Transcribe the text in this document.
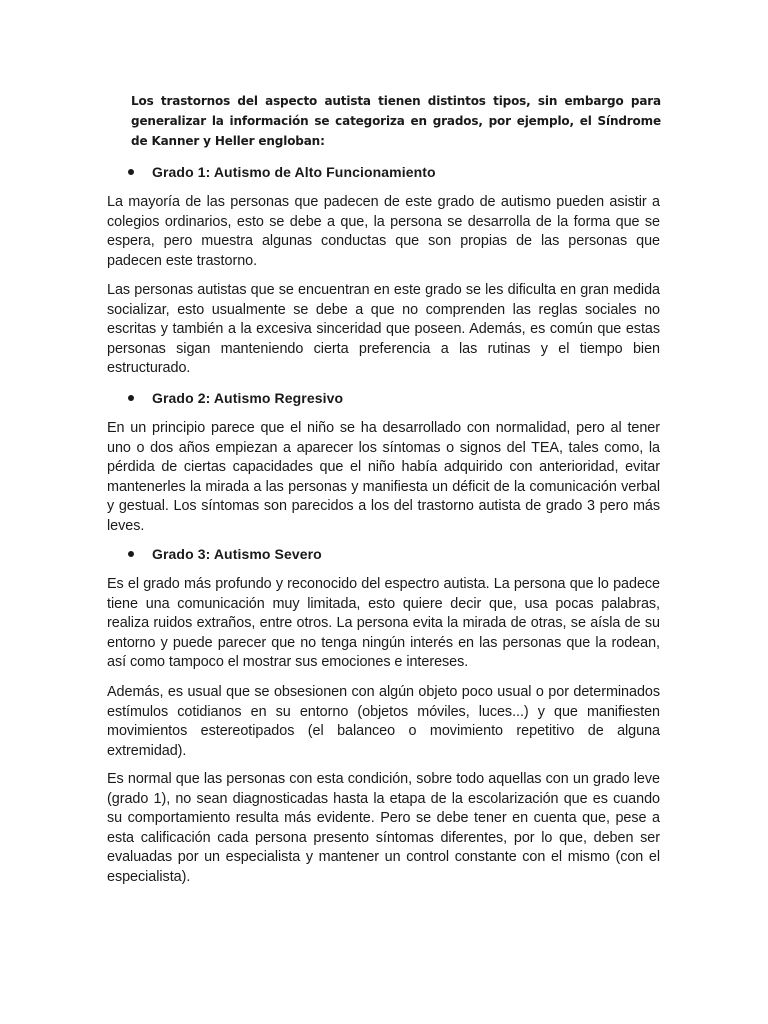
Los trastornos del aspecto autista tienen distintos tipos, sin embargo para generalizar la información se categoriza en grados, por ejemplo, el Síndrome de Kanner y Heller engloban:

Grado 1: Autismo de Alto Funcionamiento

La mayoría de las personas que padecen de este grado de autismo pueden asistir a colegios ordinarios, esto se debe a que, la persona se desarrolla de la forma que se espera, pero muestra algunas conductas que son propias de las personas que padecen este trastorno.

Las personas autistas que se encuentran en este grado se les dificulta en gran medida socializar, esto usualmente se debe a que no comprenden las reglas sociales no escritas y también a la excesiva sinceridad que poseen. Además, es común que estas personas sigan manteniendo cierta preferencia a las rutinas y el tiempo bien estructurado.

Grado 2: Autismo Regresivo

En un principio parece que el niño se ha desarrollado con normalidad, pero al tener uno o dos años empiezan a aparecer los síntomas o signos del TEA, tales como, la pérdida de ciertas capacidades que el niño había adquirido con anterioridad, evitar mantenerles la mirada a las personas y manifiesta un déficit de la comunicación verbal y gestual. Los síntomas son parecidos a los del trastorno autista de grado 3 pero más leves.

Grado 3: Autismo Severo

Es el grado más profundo y reconocido del espectro autista. La persona que lo padece tiene una comunicación muy limitada, esto quiere decir que, usa pocas palabras, realiza ruidos extraños, entre otros. La persona evita la mirada de otras, se aísla de su entorno y puede parecer que no tenga ningún interés en las personas que la rodean, así como tampoco el mostrar sus emociones e intereses.

Además, es usual que se obsesionen con algún objeto poco usual o por determinados estímulos cotidianos en su entorno (objetos móviles, luces...) y que manifiesten movimientos estereotipados (el balanceo o movimiento repetitivo de alguna extremidad).

Es normal que las personas con esta condición, sobre todo aquellas con un grado leve (grado 1), no sean diagnosticadas hasta la etapa de la escolarización que es cuando su comportamiento resulta más evidente. Pero se debe tener en cuenta que, pese a esta calificación cada persona presento síntomas diferentes, por lo que, deben ser evaluadas por un especialista y mantener un control constante con el mismo (con el especialista).
